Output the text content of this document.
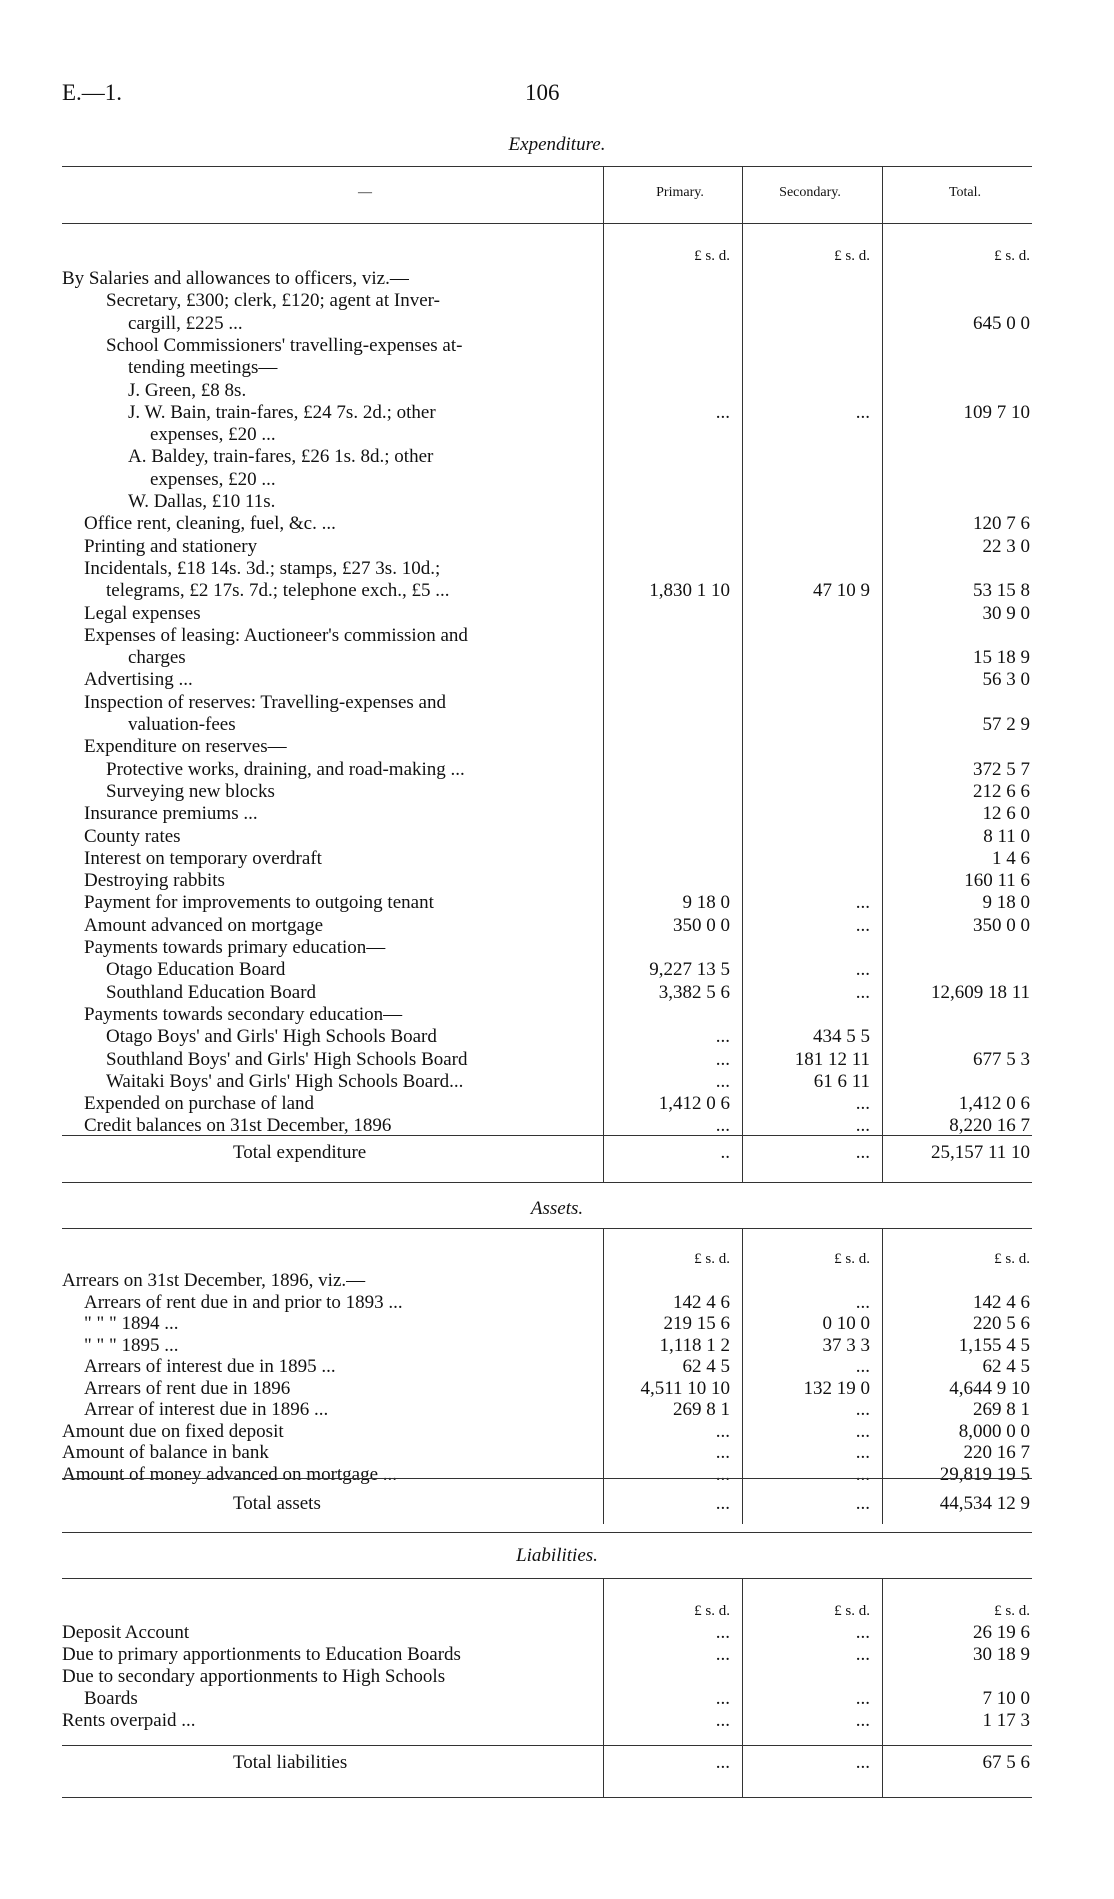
E.—1.	106
Expenditure.
—	Primary.	Secondary.	Total.
By Salaries and allowances to officers, viz.—
Secretary, £300; clerk, £120; agent at Inver-
cargill, £225 ...	645 0 0
School Commissioners' travelling-expenses at-
tending meetings—
J. Green, £8 8s.
J. W. Bain, train-fares, £24 7s. 2d.; other	...	...	109 7 10
expenses, £20 ...
A. Baldey, train-fares, £26 1s. 8d.; other
expenses, £20 ...
W. Dallas, £10 11s.
Office rent, cleaning, fuel, &c. ...	120 7 6
Printing and stationery	22 3 0
Incidentals, £18 14s. 3d.; stamps, £27 3s. 10d.;
telegrams, £2 17s. 7d.; telephone exch., £5 ...	1,830 1 10	47 10 9	53 15 8
Legal expenses	30 9 0
Expenses of leasing: Auctioneer's commission and
charges	15 18 9
Advertising ...	56 3 0
Inspection of reserves: Travelling-expenses and
valuation-fees	57 2 9
Expenditure on reserves—
Protective works, draining, and road-making ...	372 5 7
Surveying new blocks	212 6 6
Insurance premiums ...	12 6 0
County rates	8 11 0
Interest on temporary overdraft	1 4 6
Destroying rabbits	160 11 6
Payment for improvements to outgoing tenant	9 18 0	...	9 18 0
Amount advanced on mortgage	350 0 0	...	350 0 0
Payments towards primary education—
Otago Education Board	9,227 13 5	...
Southland Education Board	3,382 5 6	...	12,609 18 11
Payments towards secondary education—
Otago Boys' and Girls' High Schools Board	...	434 5 5
Southland Boys' and Girls' High Schools Board	...	181 12 11	677 5 3
Waitaki Boys' and Girls' High Schools Board...	...	61 6 11
Expended on purchase of land	1,412 0 6	...	1,412 0 6
Credit balances on 31st December, 1896	...	...	8,220 16 7
Total expenditure	..	...	25,157 11 10
Assets.
£ s. d.	£ s. d.	£ s. d.
Arrears on 31st December, 1896, viz.—
Arrears of rent due in and prior to 1893 ...	142 4 6	...	142 4 6
" " " 1894 ...	219 15 6	0 10 0	220 5 6
" " " 1895 ...	1,118 1 2	37 3 3	1,155 4 5
Arrears of interest due in 1895 ...	62 4 5	...	62 4 5
Arrears of rent due in 1896	4,511 10 10	132 19 0	4,644 9 10
Arrear of interest due in 1896 ...	269 8 1	...	269 8 1
Amount due on fixed deposit	...	...	8,000 0 0
Amount of balance in bank	...	...	220 16 7
Amount of money advanced on mortgage ...	...	...	29,819 19 5
Total assets	...	...	44,534 12 9
Liabilities.
£ s. d.	£ s. d.	£ s. d.
Deposit Account	...	...	26 19 6
Due to primary apportionments to Education Boards	...	...	30 18 9
Due to secondary apportionments to High Schools
Boards	...	...	7 10 0
Rents overpaid ...	...	...	1 17 3
Total liabilities	...	...	67 5 6
£ s. d.	£ s. d.	£ s. d.
